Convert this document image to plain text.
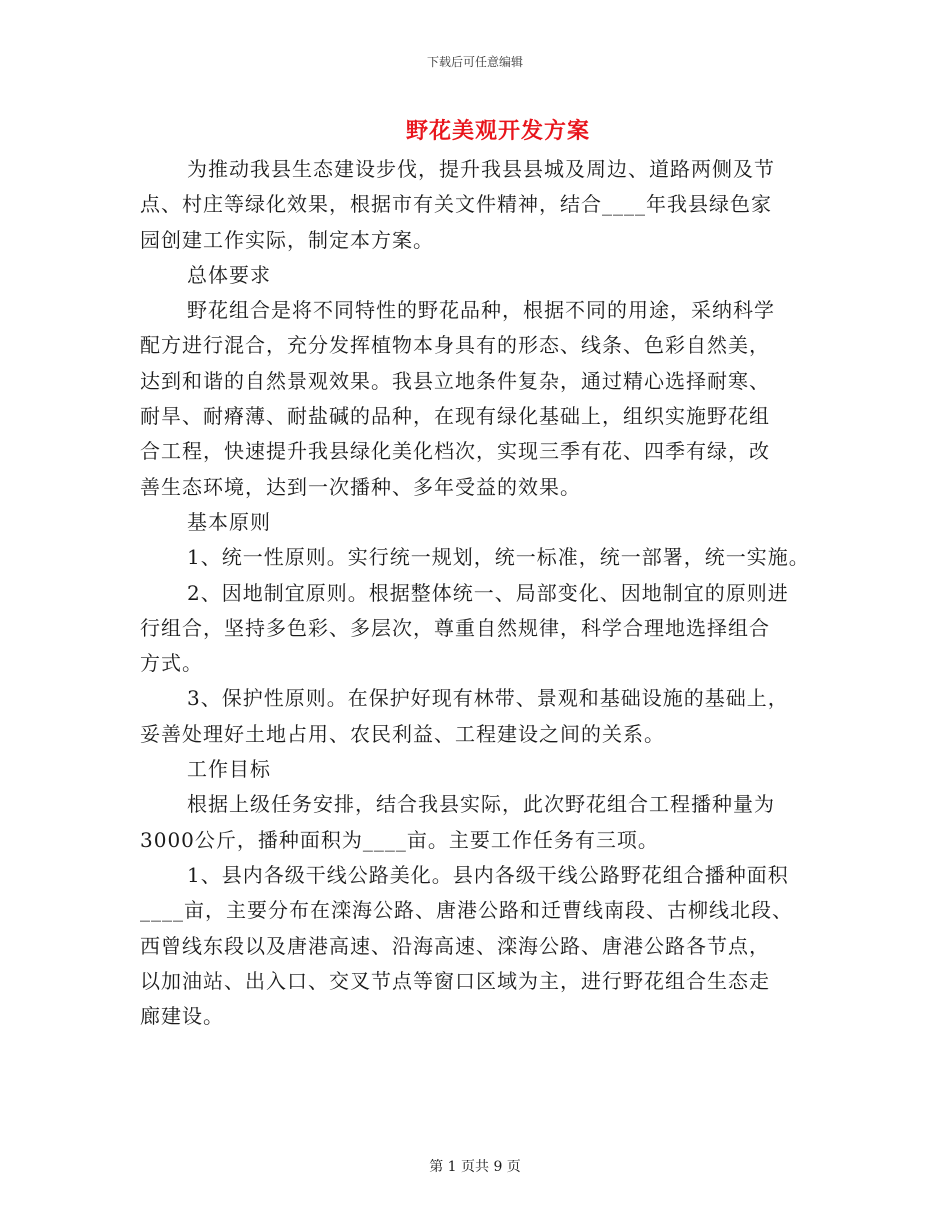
下载后可任意编辑
野花美观开发方案
为推动我县生态建设步伐，提升我县县城及周边、道路两侧及节
点、村庄等绿化效果，根据市有关文件精神，结合____年我县绿色家
园创建工作实际，制定本方案。
总体要求
野花组合是将不同特性的野花品种，根据不同的用途，采纳科学
配方进行混合，充分发挥植物本身具有的形态、线条、色彩自然美，
达到和谐的自然景观效果。我县立地条件复杂，通过精心选择耐寒、
耐旱、耐瘠薄、耐盐碱的品种，在现有绿化基础上，组织实施野花组
合工程，快速提升我县绿化美化档次，实现三季有花、四季有绿，改
善生态环境，达到一次播种、多年受益的效果。
基本原则
1、统一性原则。实行统一规划，统一标准，统一部署，统一实施。
2、因地制宜原则。根据整体统一、局部变化、因地制宜的原则进
行组合，坚持多色彩、多层次，尊重自然规律，科学合理地选择组合
方式。
3、保护性原则。在保护好现有林带、景观和基础设施的基础上，
妥善处理好土地占用、农民利益、工程建设之间的关系。
工作目标
根据上级任务安排，结合我县实际，此次野花组合工程播种量为
3000公斤，播种面积为____亩。主要工作任务有三项。
1、县内各级干线公路美化。县内各级干线公路野花组合播种面积
____亩，主要分布在滦海公路、唐港公路和迁曹线南段、古柳线北段、
西曾线东段以及唐港高速、沿海高速、滦海公路、唐港公路各节点，
以加油站、出入口、交叉节点等窗口区域为主，进行野花组合生态走
廊建设。
第 1 页共 9 页
